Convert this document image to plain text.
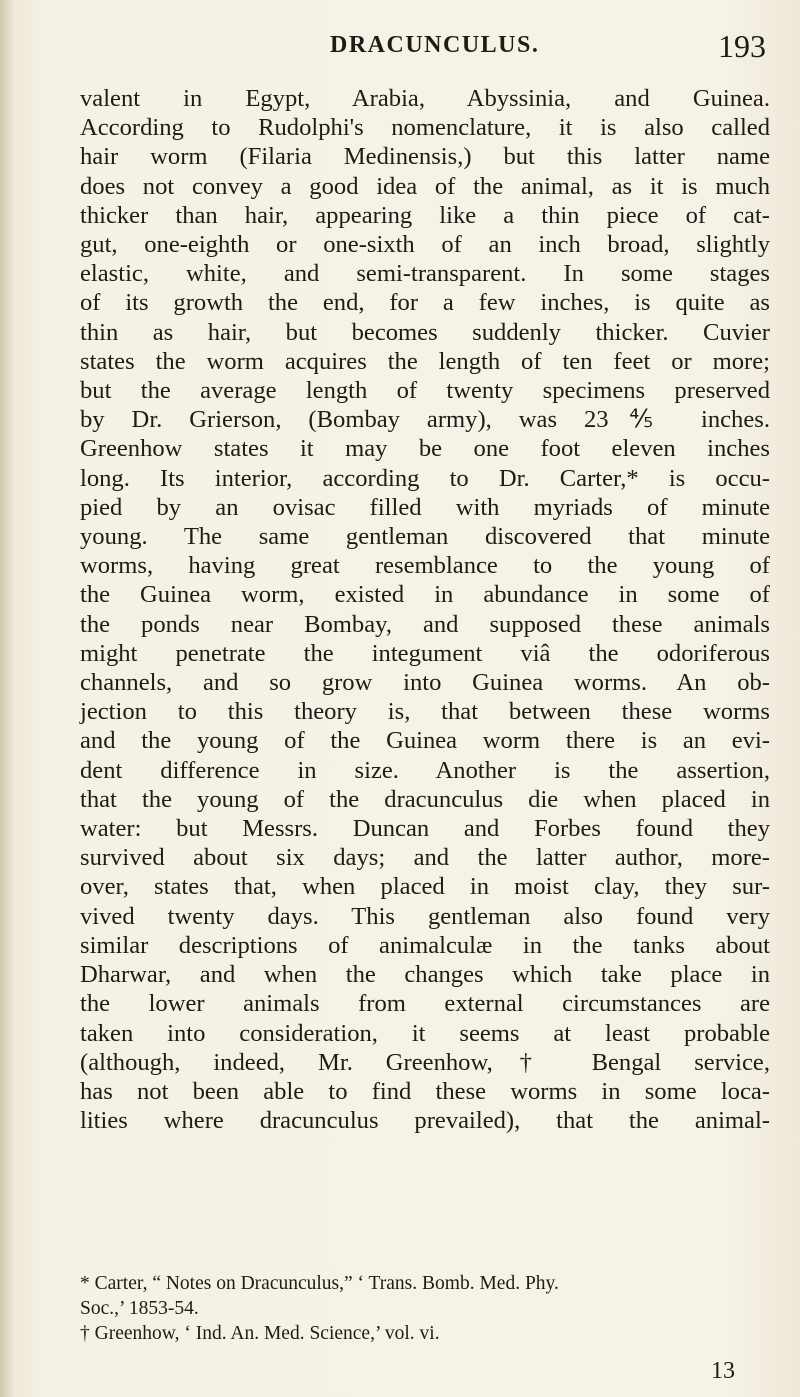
DRACUNCULUS.	193
valent in Egypt, Arabia, Abyssinia, and Guinea.
According to Rudolphi's nomenclature, it is also called
hair worm (Filaria Medinensis,) but this latter name
does not convey a good idea of the animal, as it is much
thicker than hair, appearing like a thin piece of cat-
gut, one-eighth or one-sixth of an inch broad, slightly
elastic, white, and semi-transparent. In some stages
of its growth the end, for a few inches, is quite as
thin as hair, but becomes suddenly thicker. Cuvier
states the worm acquires the length of ten feet or more;
but the average length of twenty specimens preserved
by Dr. Grierson, (Bombay army), was 23⅘ inches.
Greenhow states it may be one foot eleven inches
long. Its interior, according to Dr. Carter,* is occu-
pied by an ovisac filled with myriads of minute
young. The same gentleman discovered that minute
worms, having great resemblance to the young of
the Guinea worm, existed in abundance in some of
the ponds near Bombay, and supposed these animals
might penetrate the integument viâ the odoriferous
channels, and so grow into Guinea worms. An ob-
jection to this theory is, that between these worms
and the young of the Guinea worm there is an evi-
dent difference in size. Another is the assertion,
that the young of the dracunculus die when placed in
water: but Messrs. Duncan and Forbes found they
survived about six days; and the latter author, more-
over, states that, when placed in moist clay, they sur-
vived twenty days. This gentleman also found very
similar descriptions of animalculæ in the tanks about
Dharwar, and when the changes which take place in
the lower animals from external circumstances are
taken into consideration, it seems at least probable
(although, indeed, Mr. Greenhow,† Bengal service,
has not been able to find these worms in some loca-
lities where dracunculus prevailed), that the animal-
* Carter, “ Notes on Dracunculus,” ‘ Trans. Bomb. Med. Phy.
Soc.,’ 1853-54.
† Greenhow, ‘ Ind. An. Med. Science,’ vol. vi.
13
